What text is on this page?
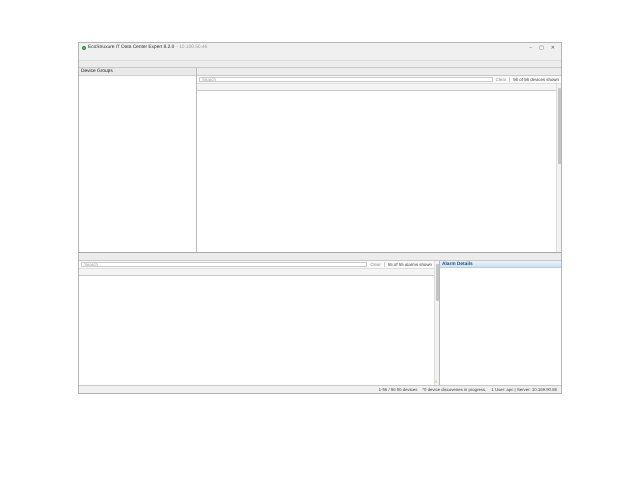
EcoStruxure IT Data Center Expert 8.2.0 - 10.100.50.46	– ▢ ✕
Device Groups
Search	Clear	56 of 56 devices shown
Search	Clear	55 of 55 alarms shown
⚠
Alarm Details
1-56 / 56 56 devices *0 device discoveries in progress, 1 User: apc | Server: 10.169.90.86
